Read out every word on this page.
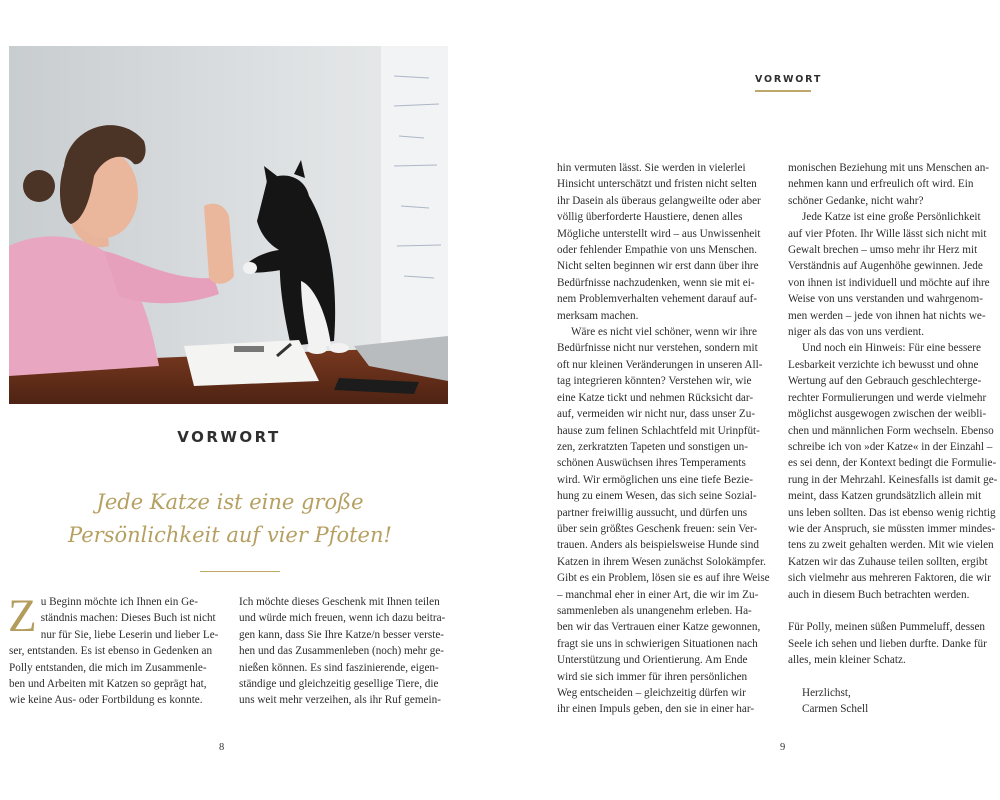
VORWORT
Jede Katze ist eine große
Persönlichkeit auf vier Pfoten!
Z u Beginn möchte ich Ihnen ein Ge-
ständnis machen: Dieses Buch ist nicht
nur für Sie, liebe Leserin und lieber Le-
ser, entstanden. Es ist ebenso in Gedenken an
Polly entstanden, die mich im Zusammenle-
ben und Arbeiten mit Katzen so geprägt hat,
wie keine Aus- oder Fortbildung es konnte.
Ich möchte dieses Geschenk mit Ihnen teilen
und würde mich freuen, wenn ich dazu beitra-
gen kann, dass Sie Ihre Katze/n besser verste-
hen und das Zusammenleben (noch) mehr ge-
nießen können. Es sind faszinierende, eigen-
ständige und gleichzeitig gesellige Tiere, die
uns weit mehr verzeihen, als ihr Ruf gemein-
8
VORWORT
hin vermuten lässt. Sie werden in vielerlei
Hinsicht unterschätzt und fristen nicht selten
ihr Dasein als überaus gelangweilte oder aber
völlig überforderte Haustiere, denen alles
Mögliche unterstellt wird – aus Unwissenheit
oder fehlender Empathie von uns Menschen.
Nicht selten beginnen wir erst dann über ihre
Bedürfnisse nachzudenken, wenn sie mit ei-
nem Problemverhalten vehement darauf auf-
merksam machen.
Wäre es nicht viel schöner, wenn wir ihre
Bedürfnisse nicht nur verstehen, sondern mit
oft nur kleinen Veränderungen in unseren All-
tag integrieren könnten? Verstehen wir, wie
eine Katze tickt und nehmen Rücksicht dar-
auf, vermeiden wir nicht nur, dass unser Zu-
hause zum felinen Schlachtfeld mit Urinpfüt-
zen, zerkratzten Tapeten und sonstigen un-
schönen Auswüchsen ihres Temperaments
wird. Wir ermöglichen uns eine tiefe Bezie-
hung zu einem Wesen, das sich seine Sozial-
partner freiwillig aussucht, und dürfen uns
über sein größtes Geschenk freuen: sein Ver-
trauen. Anders als beispielsweise Hunde sind
Katzen in ihrem Wesen zunächst Solokämpfer.
Gibt es ein Problem, lösen sie es auf ihre Weise
– manchmal eher in einer Art, die wir im Zu-
sammenleben als unangenehm erleben. Ha-
ben wir das Vertrauen einer Katze gewonnen,
fragt sie uns in schwierigen Situationen nach
Unterstützung und Orientierung. Am Ende
wird sie sich immer für ihren persönlichen
Weg entscheiden – gleichzeitig dürfen wir
ihr einen Impuls geben, den sie in einer har-
monischen Beziehung mit uns Menschen an-
nehmen kann und erfreulich oft wird. Ein
schöner Gedanke, nicht wahr?
Jede Katze ist eine große Persönlichkeit
auf vier Pfoten. Ihr Wille lässt sich nicht mit
Gewalt brechen – umso mehr ihr Herz mit
Verständnis auf Augenhöhe gewinnen. Jede
von ihnen ist individuell und möchte auf ihre
Weise von uns verstanden und wahrgenom-
men werden – jede von ihnen hat nichts we-
niger als das von uns verdient.
Und noch ein Hinweis: Für eine bessere
Lesbarkeit verzichte ich bewusst und ohne
Wertung auf den Gebrauch geschlechterge-
rechter Formulierungen und werde vielmehr
möglichst ausgewogen zwischen der weibli-
chen und männlichen Form wechseln. Ebenso
schreibe ich von »der Katze« in der Einzahl –
es sei denn, der Kontext bedingt die Formulie-
rung in der Mehrzahl. Keinesfalls ist damit ge-
meint, dass Katzen grundsätzlich allein mit
uns leben sollten. Das ist ebenso wenig richtig
wie der Anspruch, sie müssten immer mindes-
tens zu zweit gehalten werden. Mit wie vielen
Katzen wir das Zuhause teilen sollten, ergibt
sich vielmehr aus mehreren Faktoren, die wir
auch in diesem Buch betrachten werden.
Für Polly, meinen süßen Pummeluff, dessen
Seele ich sehen und lieben durfte. Danke für
alles, mein kleiner Schatz.
Herzlichst,
Carmen Schell
9
